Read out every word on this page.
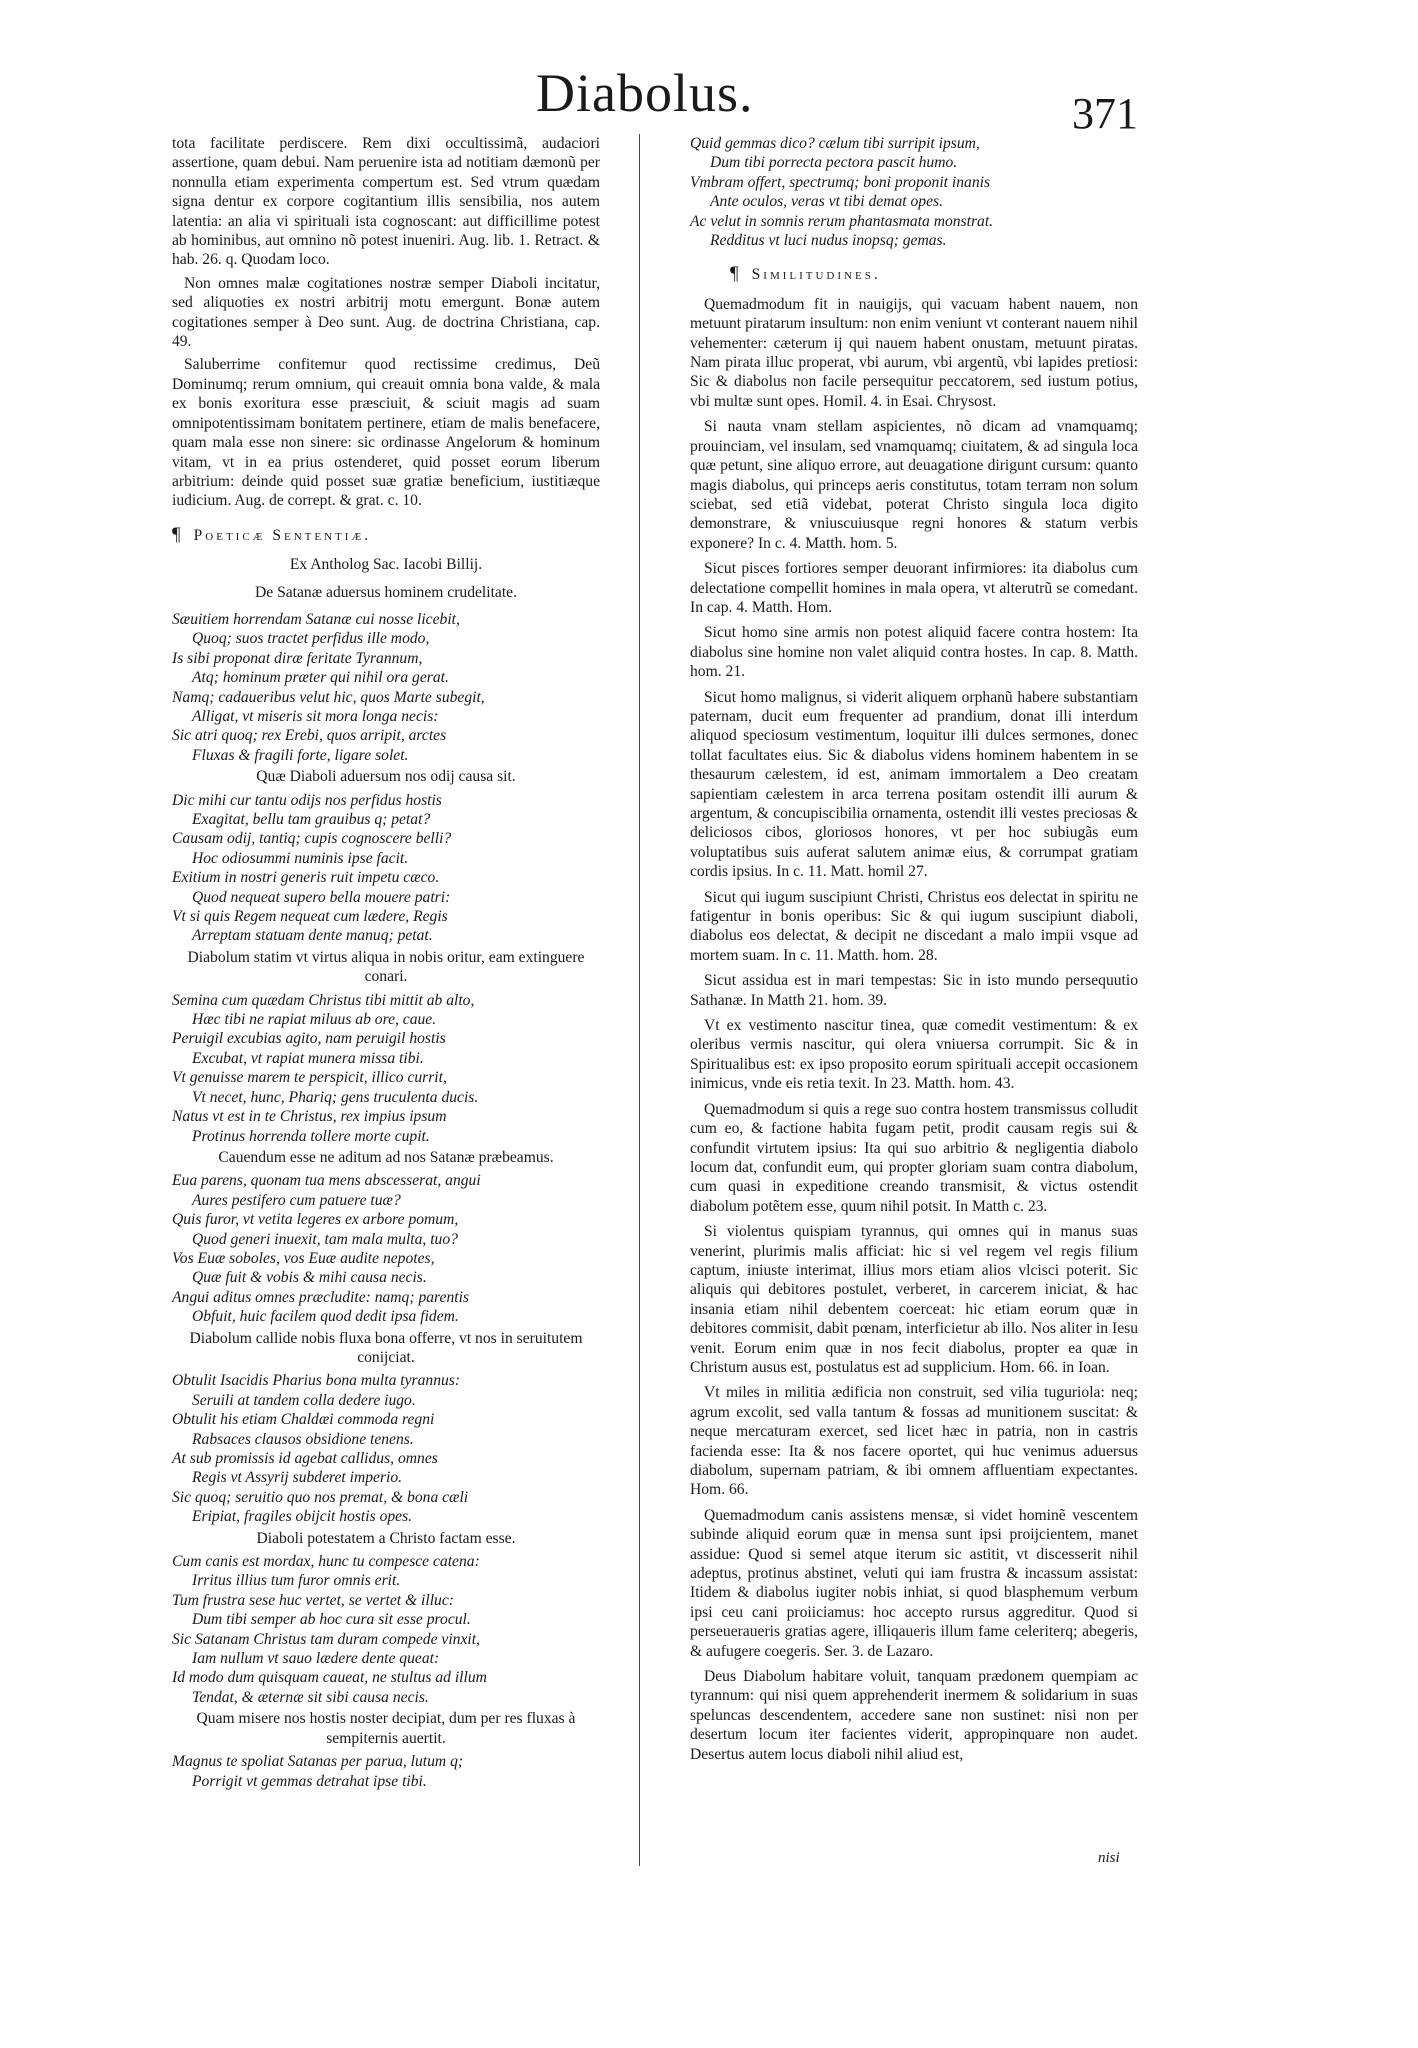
Diabolus.	371

tota facilitate perdiscere. Rem dixi occultissimã, audaciori assertione, quam debui. Nam peruenire ista ad notitiam dæmonũ per nonnulla etiam experimenta compertum est. Sed vtrum quædam signa dentur ex corpore cogitantium illis sensibilia, nos autem latentia: an alia vi spirituali ista cognoscant: aut difficillime potest ab hominibus, aut omnino nõ potest inueniri. Aug. lib. 1. Retract. & hab. 26. q. Quodam loco.

Non omnes malæ cogitationes nostræ semper Diaboli incitatur, sed aliquoties ex nostri arbitrij motu emergunt. Bonæ autem cogitationes semper à Deo sunt. Aug. de doctrina Christiana, cap. 49.

Saluberrime confitemur quod rectissime credimus, Deũ Dominumq; rerum omnium, qui creauit omnia bona valde, & mala ex bonis exoritura esse præsciuit, & sciuit magis ad suam omnipotentissimam bonitatem pertinere, etiam de malis benefacere, quam mala esse non sinere: sic ordinasse Angelorum & hominum vitam, vt in ea prius ostenderet, quid posset eorum liberum arbitrium: deinde quid posset suæ gratiæ beneficium, iustitiæque iudicium. Aug. de corrept. & grat. c. 10.

¶ Poeticæ Sententiæ.
Ex Antholog Sac. Iacobi Billij.
De Satanæ aduersus hominem crudelitate.

Sæuitiem horrendam Satanæ cui nosse licebit,

Quoq; suos tractet perfidus ille modo,

Is sibi proponat diræ feritate Tyrannum,

Atq; hominum præter qui nihil ora gerat.

Namq; cadaueribus velut hic, quos Marte subegit,

Alligat, vt miseris sit mora longa necis:

Sic atri quoq; rex Erebi, quos arripit, arctes

Fluxas & fragili forte, ligare solet.

Quæ Diaboli aduersum nos odij causa sit.

Dic mihi cur tantu odijs nos perfidus hostis

Exagitat, bellu tam grauibus q; petat?

Causam odij, tantiq; cupis cognoscere belli?

Hoc odiosummi numinis ipse facit.

Exitium in nostri generis ruit impetu cæco.

Quod nequeat supero bella mouere patri:

Vt si quis Regem nequeat cum lædere, Regis

Arreptam statuam dente manuq; petat.

Diabolum statim vt virtus aliqua in nobis oritur, eam extinguere conari.

Semina cum quædam Christus tibi mittit ab alto,

Hæc tibi ne rapiat miluus ab ore, caue.

Peruigil excubias agito, nam peruigil hostis

Excubat, vt rapiat munera missa tibi.

Vt genuisse marem te perspicit, illico currit,

Vt necet, hunc, Phariq; gens truculenta ducis.

Natus vt est in te Christus, rex impius ipsum

Protinus horrenda tollere morte cupit.

Cauendum esse ne aditum ad nos Satanæ præbeamus.

Eua parens, quonam tua mens abscesserat, angui

Aures pestifero cum patuere tuæ?

Quis furor, vt vetita legeres ex arbore pomum,

Quod generi inuexit, tam mala multa, tuo?

Vos Euæ soboles, vos Euæ audite nepotes,

Quæ fuit & vobis & mihi causa necis.

Angui aditus omnes præcludite: namq; parentis

Obfuit, huic facilem quod dedit ipsa fidem.

Diabolum callide nobis fluxa bona offerre, vt nos in seruitutem conijciat.

Obtulit Isacidis Pharius bona multa tyrannus:

Seruili at tandem colla dedere iugo.

Obtulit his etiam Chaldæi commoda regni

Rabsaces clausos obsidione tenens.

At sub promissis id agebat callidus, omnes

Regis vt Assyrij subderet imperio.

Sic quoq; seruitio quo nos premat, & bona cæli

Eripiat, fragiles obijcit hostis opes.

Diaboli potestatem a Christo factam esse.

Cum canis est mordax, hunc tu compesce catena:

Irritus illius tum furor omnis erit.

Tum frustra sese huc vertet, se vertet & illuc:

Dum tibi semper ab hoc cura sit esse procul.

Sic Satanam Christus tam duram compede vinxit,

Iam nullum vt sauo lædere dente queat:

Id modo dum quisquam caueat, ne stultus ad illum

Tendat, & æternæ sit sibi causa necis.

Quam misere nos hostis noster decipiat, dum per res fluxas à sempiternis auertit.

Magnus te spoliat Satanas per parua, lutum q;

Porrigit vt gemmas detrahat ipse tibi.

Quid gemmas dico? cælum tibi surripit ipsum,

Dum tibi porrecta pectora pascit humo.

Vmbram offert, spectrumq; boni proponit inanis

Ante oculos, veras vt tibi demat opes.

Ac velut in somnis rerum phantasmata monstrat.

Redditus vt luci nudus inopsq; gemas.

¶ Similitudines.

Quemadmodum fit in nauigijs, qui vacuam habent nauem, non metuunt piratarum insultum: non enim veniunt vt conterant nauem nihil vehementer: cæterum ij qui nauem habent onustam, metuunt piratas. Nam pirata illuc properat, vbi aurum, vbi argentũ, vbi lapides pretiosi: Sic & diabolus non facile persequitur peccatorem, sed iustum potius, vbi multæ sunt opes. Homil. 4. in Esai. Chrysost.

Si nauta vnam stellam aspicientes, nõ dicam ad vnamquamq; prouinciam, vel insulam, sed vnamquamq; ciuitatem, & ad singula loca quæ petunt, sine aliquo errore, aut deuagatione dirigunt cursum: quanto magis diabolus, qui princeps aeris constitutus, totam terram non solum sciebat, sed etiã videbat, poterat Christo singula loca digito demonstrare, & vniuscuiusque regni honores & statum verbis exponere? In c. 4. Matth. hom. 5.

Sicut pisces fortiores semper deuorant infirmiores: ita diabolus cum delectatione compellit homines in mala opera, vt alterutrũ se comedant. In cap. 4. Matth. Hom.

Sicut homo sine armis non potest aliquid facere contra hostem: Ita diabolus sine homine non valet aliquid contra hostes. In cap. 8. Matth. hom. 21.

Sicut homo malignus, si viderit aliquem orphanũ habere substantiam paternam, ducit eum frequenter ad prandium, donat illi interdum aliquod speciosum vestimentum, loquitur illi dulces sermones, donec tollat facultates eius. Sic & diabolus videns hominem habentem in se thesaurum cælestem, id est, animam immortalem a Deo creatam sapientiam cælestem in arca terrena positam ostendit illi aurum & argentum, & concupiscibilia ornamenta, ostendit illi vestes preciosas & deliciosos cibos, gloriosos honores, vt per hoc subiugãs eum voluptatibus suis auferat salutem animæ eius, & corrumpat gratiam cordis ipsius. In c. 11. Matt. homil 27.

Sicut qui iugum suscipiunt Christi, Christus eos delectat in spiritu ne fatigentur in bonis operibus: Sic & qui iugum suscipiunt diaboli, diabolus eos delectat, & decipit ne discedant a malo impii vsque ad mortem suam. In c. 11. Matth. hom. 28.

Sicut assidua est in mari tempestas: Sic in isto mundo persequutio Sathanæ. In Matth 21. hom. 39.

Vt ex vestimento nascitur tinea, quæ comedit vestimentum: & ex oleribus vermis nascitur, qui olera vniuersa corrumpit. Sic & in Spiritualibus est: ex ipso proposito eorum spirituali accepit occasionem inimicus, vnde eis retia texit. In 23. Matth. hom. 43.

Quemadmodum si quis a rege suo contra hostem transmissus colludit cum eo, & factione habita fugam petit, prodit causam regis sui & confundit virtutem ipsius: Ita qui suo arbitrio & negligentia diabolo locum dat, confundit eum, qui propter gloriam suam contra diabolum, cum quasi in expeditione creando transmisit, & victus ostendit diabolum potẽtem esse, quum nihil potsit. In Matth c. 23.

Si violentus quispiam tyrannus, qui omnes qui in manus suas venerint, plurimis malis afficiat: hic si vel regem vel regis filium captum, iniuste interimat, illius mors etiam alios vlcisci poterit. Sic aliquis qui debitores postulet, verberet, in carcerem iniciat, & hac insania etiam nihil debentem coerceat: hic etiam eorum quæ in debitores commisit, dabit pœnam, interficietur ab illo. Nos aliter in Iesu venit. Eorum enim quæ in nos fecit diabolus, propter ea quæ in Christum ausus est, postulatus est ad supplicium. Hom. 66. in Ioan.

Vt miles in militia ædificia non construit, sed vilia tuguriola: neq; agrum excolit, sed valla tantum & fossas ad munitionem suscitat: & neque mercaturam exercet, sed licet hæc in patria, non in castris facienda esse: Ita & nos facere oportet, qui huc venimus aduersus diabolum, supernam patriam, & ibi omnem affluentiam expectantes. Hom. 66.

Quemadmodum canis assistens mensæ, si videt hominẽ vescentem subinde aliquid eorum quæ in mensa sunt ipsi proijcientem, manet assidue: Quod si semel atque iterum sic astitit, vt discesserit nihil adeptus, protinus abstinet, veluti qui iam frustra & incassum assistat: Itidem & diabolus iugiter nobis inhiat, si quod blasphemum verbum ipsi ceu cani proiiciamus: hoc accepto rursus aggreditur. Quod si perseueraueris gratias agere, illiqaueris illum fame celeriterq; abegeris, & aufugere coegeris. Ser. 3. de Lazaro.

Deus Diabolum habitare voluit, tanquam prædonem quempiam ac tyrannum: qui nisi quem apprehenderit inermem & solidarium in suas speluncas descendentem, accedere sane non sustinet: nisi non per desertum locum iter facientes viderit, appropinquare non audet. Desertus autem locus diaboli nihil aliud est,

nisi
